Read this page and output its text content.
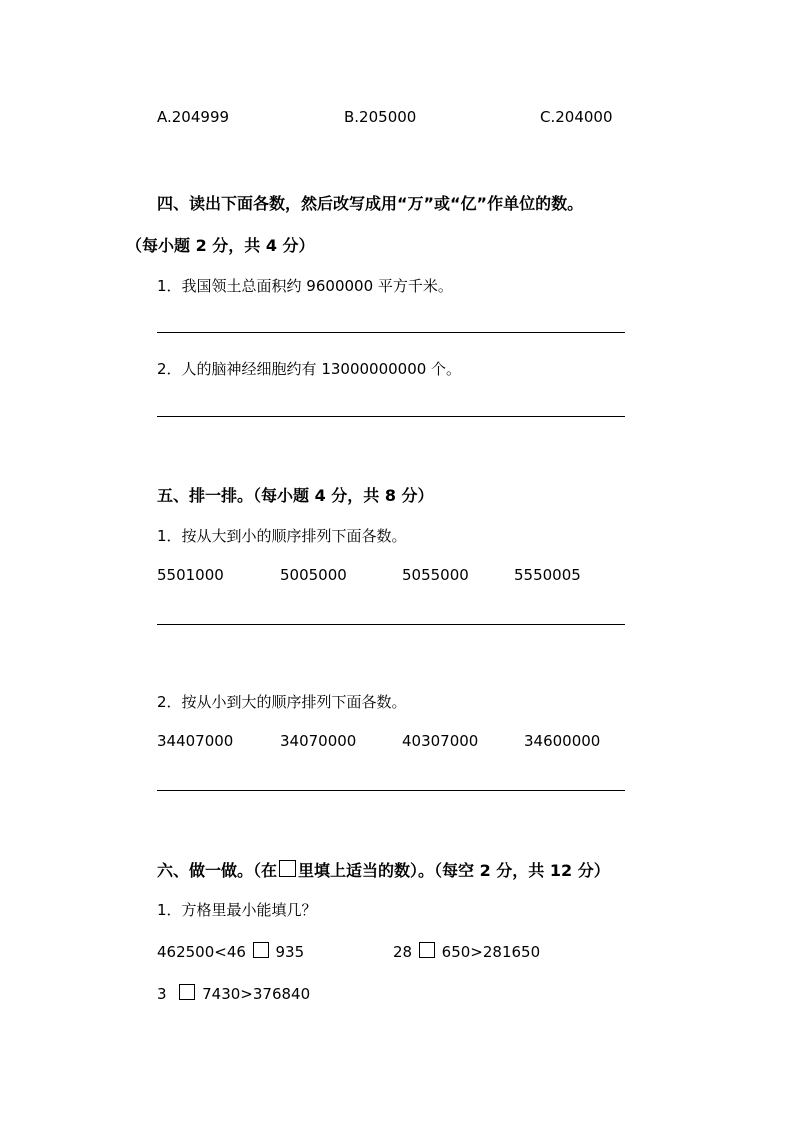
A.204999	B.205000	C.204000
四、读出下面各数，然后改写成用“万”或“亿”作单位的数。
（每小题 2 分，共 4 分）
1．我国领土总面积约 9600000 平方千米。
2．人的脑神经细胞约有 13000000000 个。
五、排一排。（每小题 4 分，共 8 分）
1．按从大到小的顺序排列下面各数。
5501000	5005000	5055000	5550005
2．按从小到大的顺序排列下面各数。
34407000	34070000	40307000	34600000
六、做一做。（在 里填上适当的数）。（每空 2 分，共 12 分）
1．方格里最小能填几？
462500<46 935	28 650>281650
3 7430>376840
